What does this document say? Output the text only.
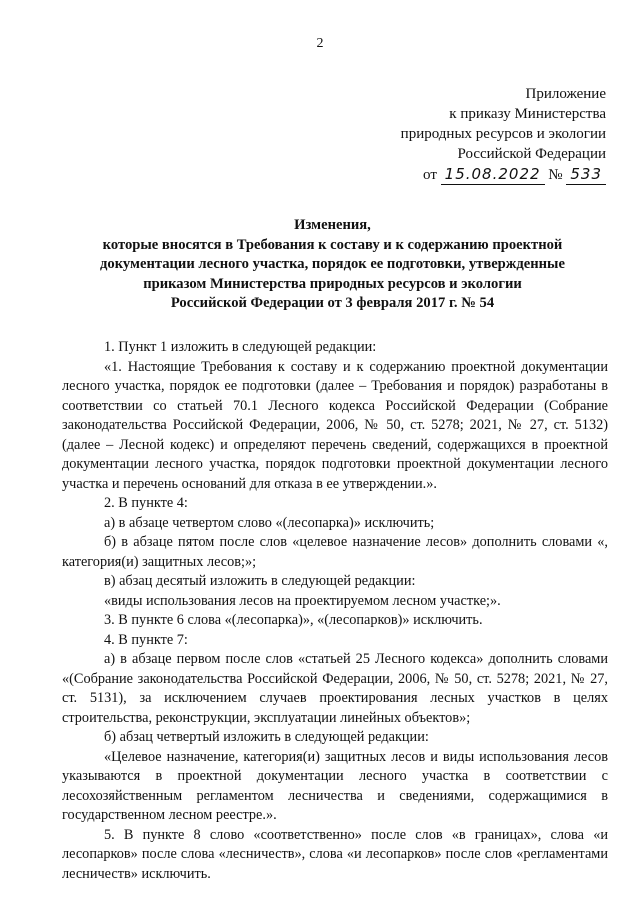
2
Приложение
к приказу Министерства
природных ресурсов и экологии
Российской Федерации
от 15.08.2022 № 533
Изменения,
которые вносятся в Требования к составу и к содержанию проектной
документации лесного участка, порядок ее подготовки, утвержденные
приказом Министерства природных ресурсов и экологии
Российской Федерации от 3 февраля 2017 г. № 54

1. Пункт 1 изложить в следующей редакции:

«1. Настоящие Требования к составу и к содержанию проектной документации лесного участка, порядок ее подготовки (далее – Требования и порядок) разработаны в соответствии со статьей 70.1 Лесного кодекса Российской Федерации (Собрание законодательства Российской Федерации, 2006, № 50, ст. 5278; 2021, № 27, ст. 5132) (далее – Лесной кодекс) и определяют перечень сведений, содержащихся в проектной документации лесного участка, порядок подготовки проектной документации лесного участка и перечень оснований для отказа в ее утверждении.».

2. В пункте 4:

а) в абзаце четвертом слово «(лесопарка)» исключить;

б) в абзаце пятом после слов «целевое назначение лесов» дополнить словами «, категория(и) защитных лесов;»;

в) абзац десятый изложить в следующей редакции:

«виды использования лесов на проектируемом лесном участке;».

3. В пункте 6 слова «(лесопарка)», «(лесопарков)» исключить.

4. В пункте 7:

а) в абзаце первом после слов «статьей 25 Лесного кодекса» дополнить словами «(Собрание законодательства Российской Федерации, 2006, № 50, ст. 5278; 2021, № 27, ст. 5131), за исключением случаев проектирования лесных участков в целях строительства, реконструкции, эксплуатации линейных объектов»;

б) абзац четвертый изложить в следующей редакции:

«Целевое назначение, категория(и) защитных лесов и виды использования лесов указываются в проектной документации лесного участка в соответствии с лесохозяйственным регламентом лесничества и сведениями, содержащимися в государственном лесном реестре.».

5. В пункте 8 слово «соответственно» после слов «в границах», слова «и лесопарков» после слова «лесничеств», слова «и лесопарков» после слов «регламентами лесничеств» исключить.
